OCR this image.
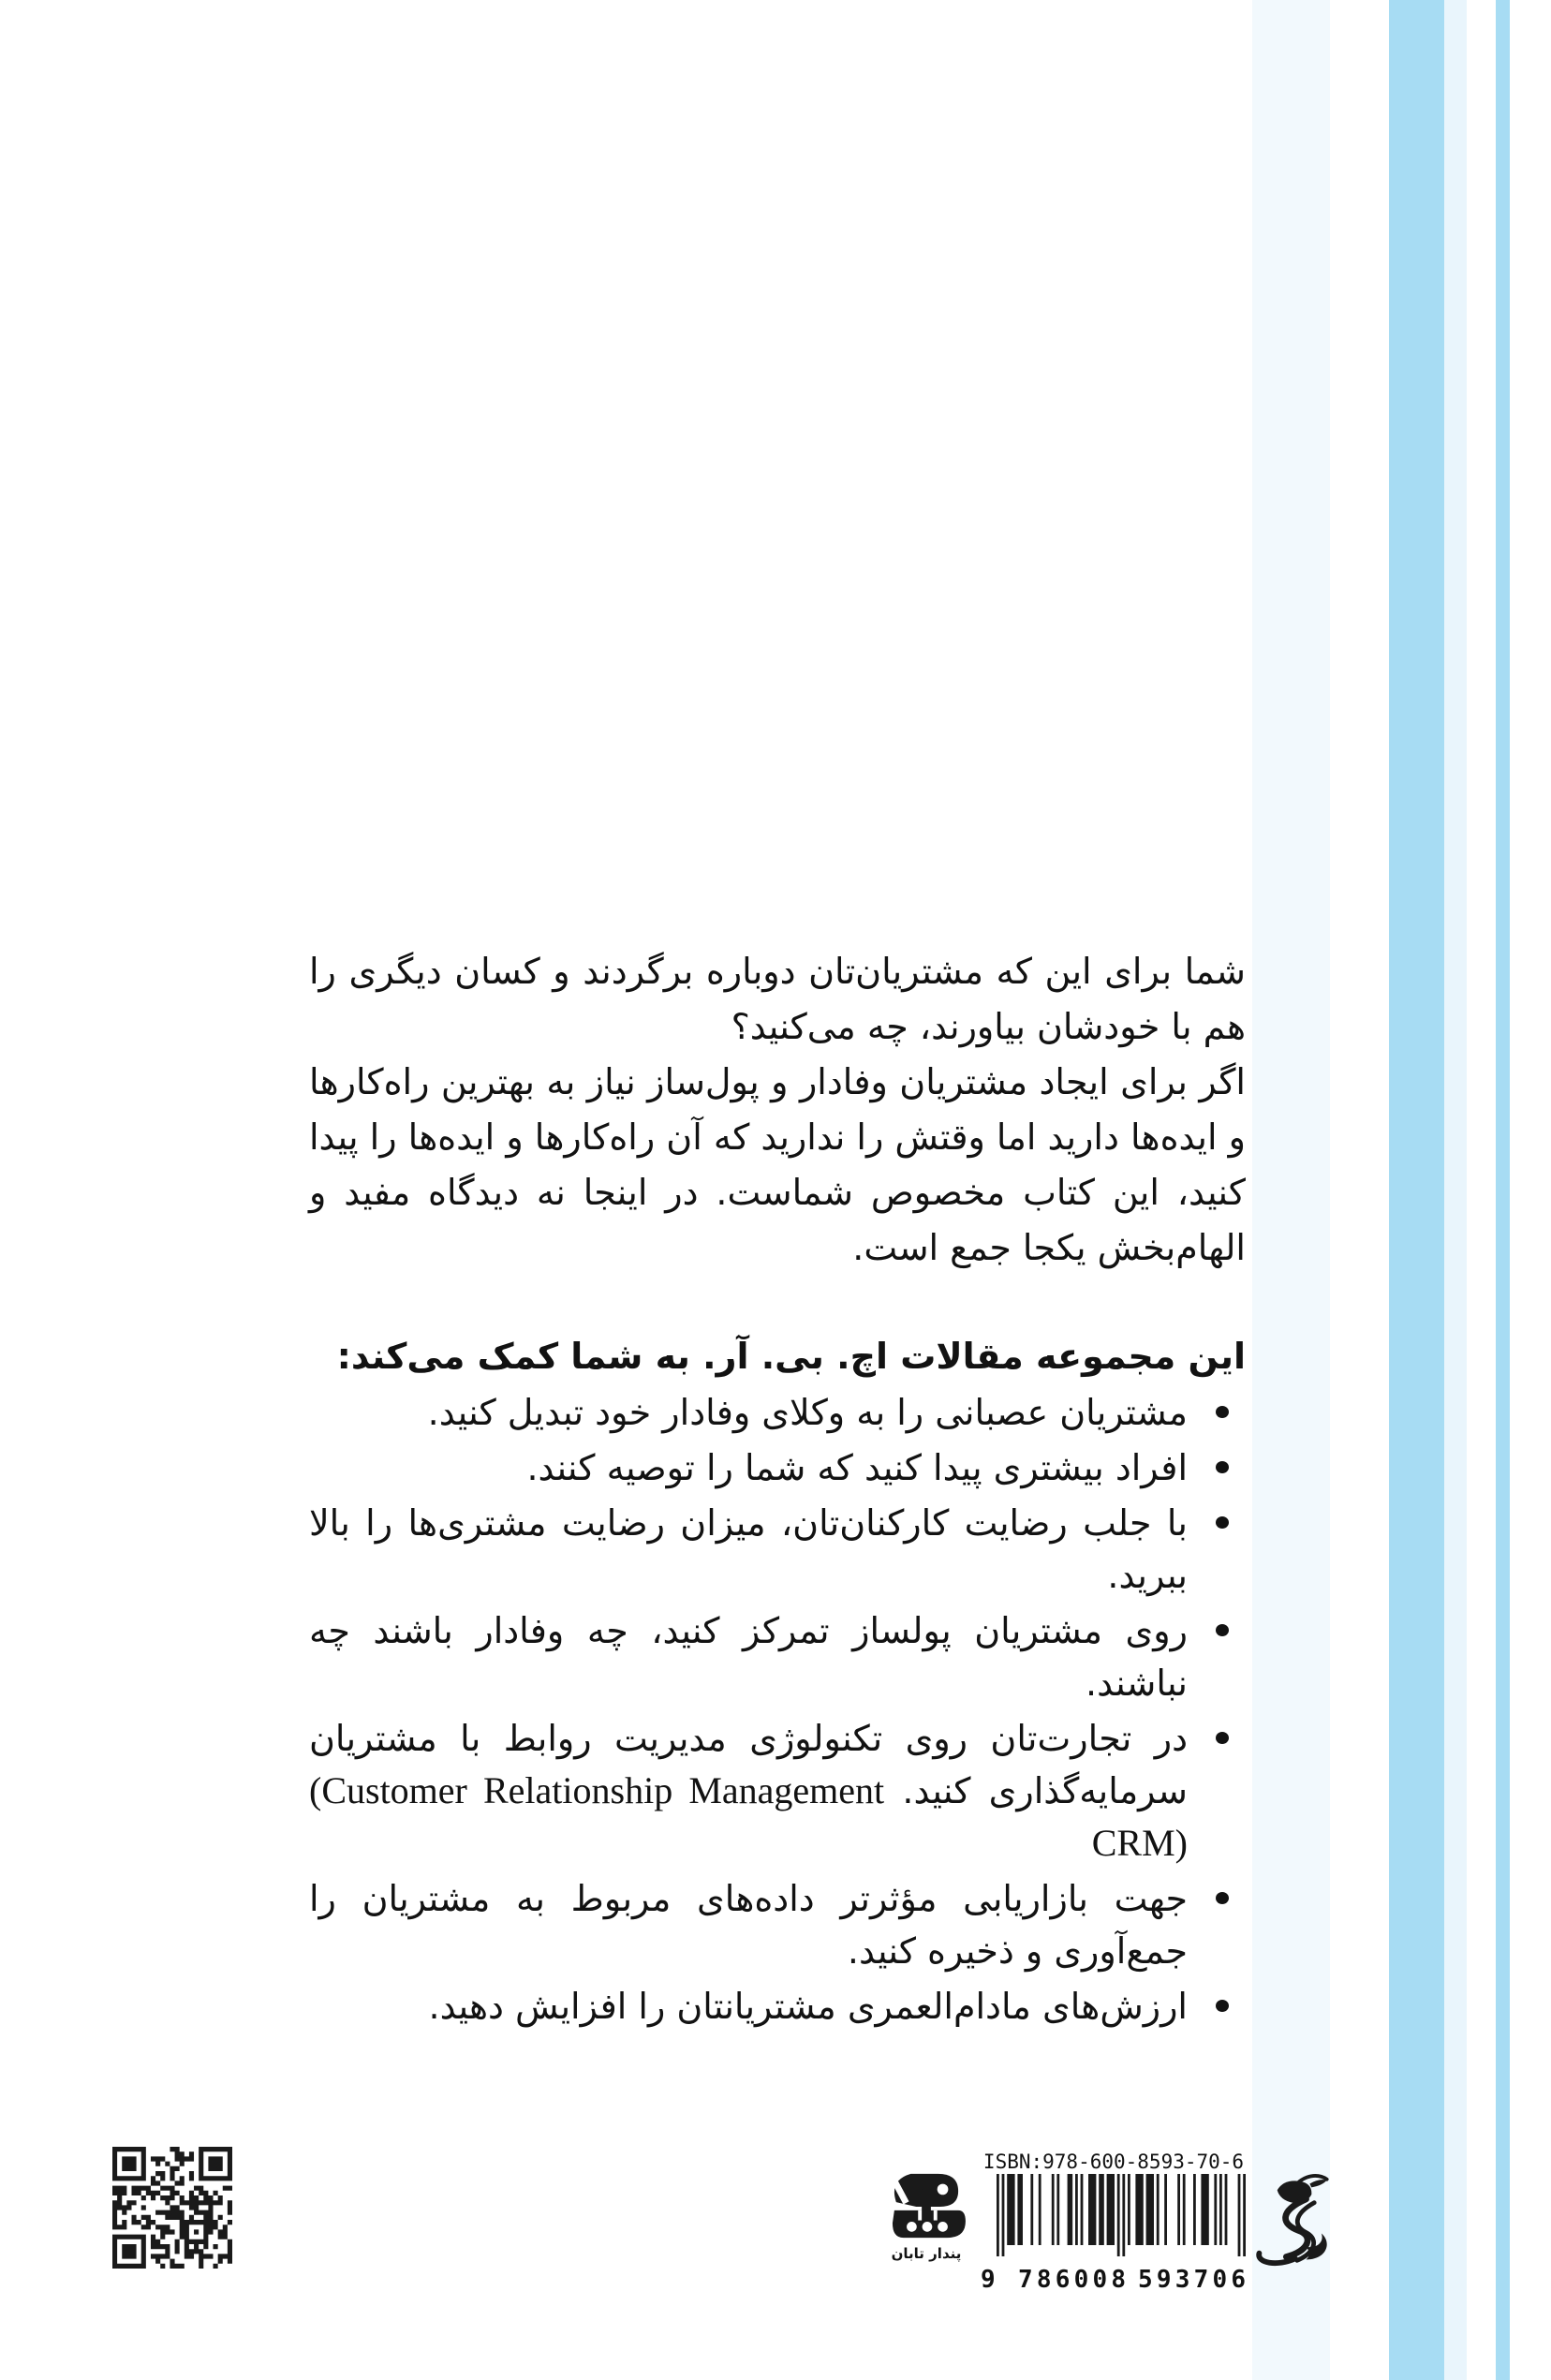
شما برای این که مشتریان‌تان دوباره برگردند و کسان دیگری را هم با خودشان بیاورند، چه می‌کنید؟

اگر برای ایجاد مشتریان وفادار و پول‌ساز نیاز به بهترین راه‌کارها و ایده‌ها دارید اما وقتش را ندارید که آن راه‌کارها و ایده‌ها را پیدا کنید، این کتاب مخصوص شماست. در اینجا نه دیدگاه مفید و الهام‌بخش یکجا جمع است.

این مجموعه مقالات اچ. بی. آر. به شما کمک می‌کند:
مشتریان عصبانی را به وکلای وفادار خود تبدیل کنید.
افراد بیشتری پیدا کنید که شما را توصیه کنند.
با جلب رضایت کارکنان‌تان، میزان رضایت مشتری‌ها را بالا ببرید.
روی مشتریان پولساز تمرکز کنید، چه وفادار باشند چه نباشند.
در تجارت‌تان روی تکنولوژی مدیریت روابط با مشتریان سرمایه‌گذاری کنید. (Customer Relationship Management CRM)
جهت بازاریابی مؤثرتر داده‌های مربوط به مشتریان را جمع‌آوری و ذخیره کنید.
ارزش‌های مادام‌العمری مشتریانتان را افزایش دهید.
پندار تابان
ISBN:978-600-8593-70-6
9 786008 593706
